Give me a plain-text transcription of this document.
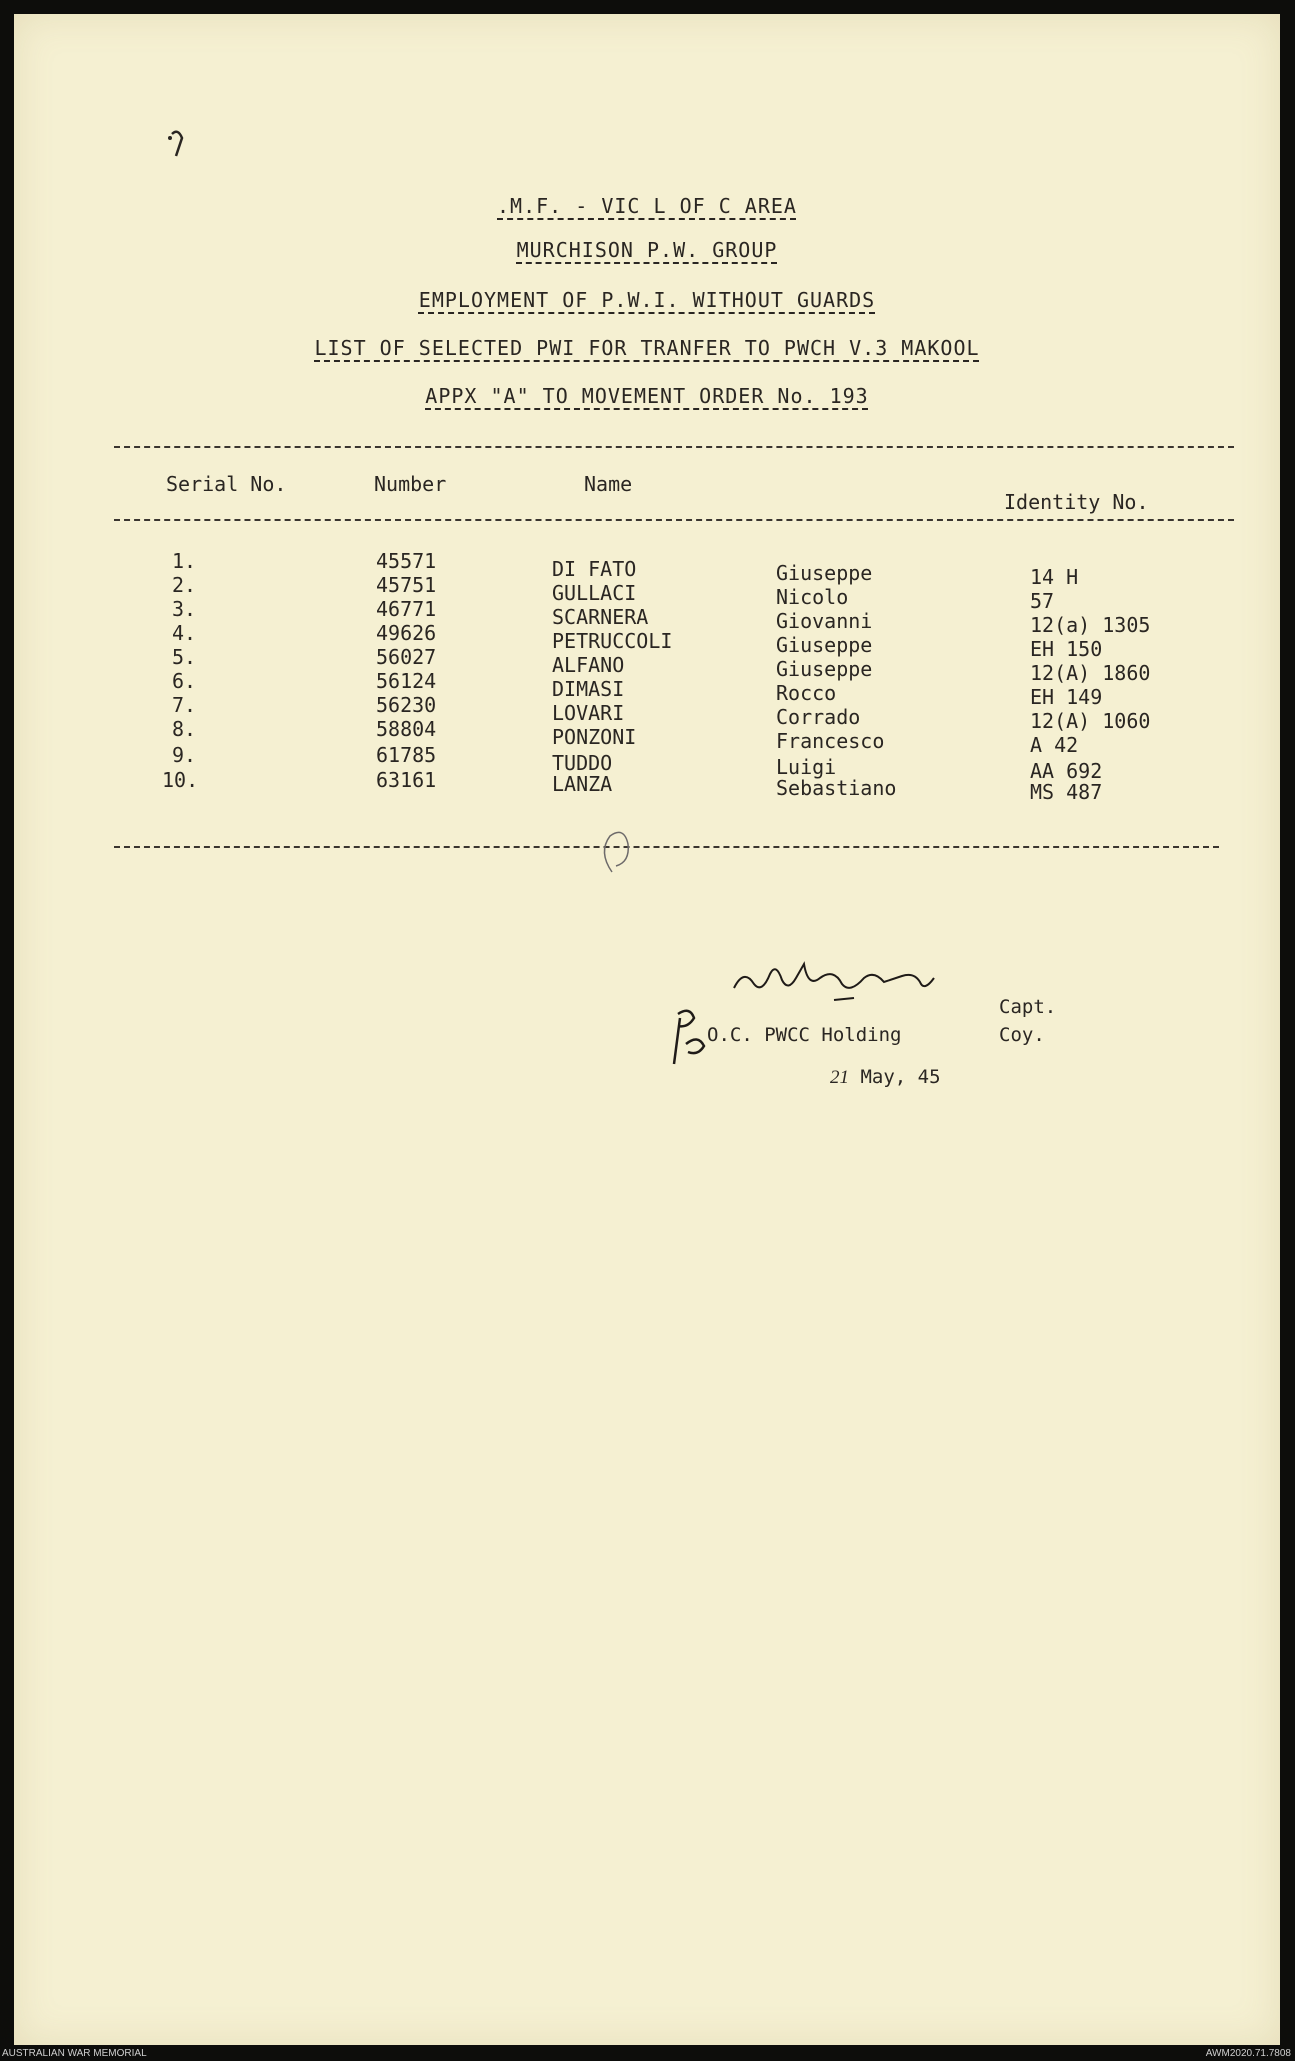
.M.F. - VIC L OF C AREA
MURCHISON P.W. GROUP
EMPLOYMENT OF P.W.I. WITHOUT GUARDS
LIST OF SELECTED PWI FOR TRANFER TO PWCH V.3 MAKOOL
APPX "A" TO MOVEMENT ORDER No. 193
Serial No.	Number	Name
Identity No.
1.	45571	DI FATO	Giuseppe	14 H
2.	45751	GULLACI	Nicolo	57
3.	46771	SCARNERA	Giovanni	12(a) 1305
4.	49626	PETRUCCOLI	Giuseppe	EH 150
5.	56027	ALFANO	Giuseppe	12(A) 1860
6.	56124	DIMASI	Rocco	EH 149
7.	56230	LOVARI	Corrado	12(A) 1060
8.	58804	PONZONI	Francesco	A 42
9.	61785	TUDDO	Luigi	AA 692
10.	63161	LANZA	Sebastiano	MS 487
Capt.
O.C. PWCC Holding	Coy.
21 May, 45
AUSTRALIAN WAR MEMORIAL	AWM2020.71.7808
